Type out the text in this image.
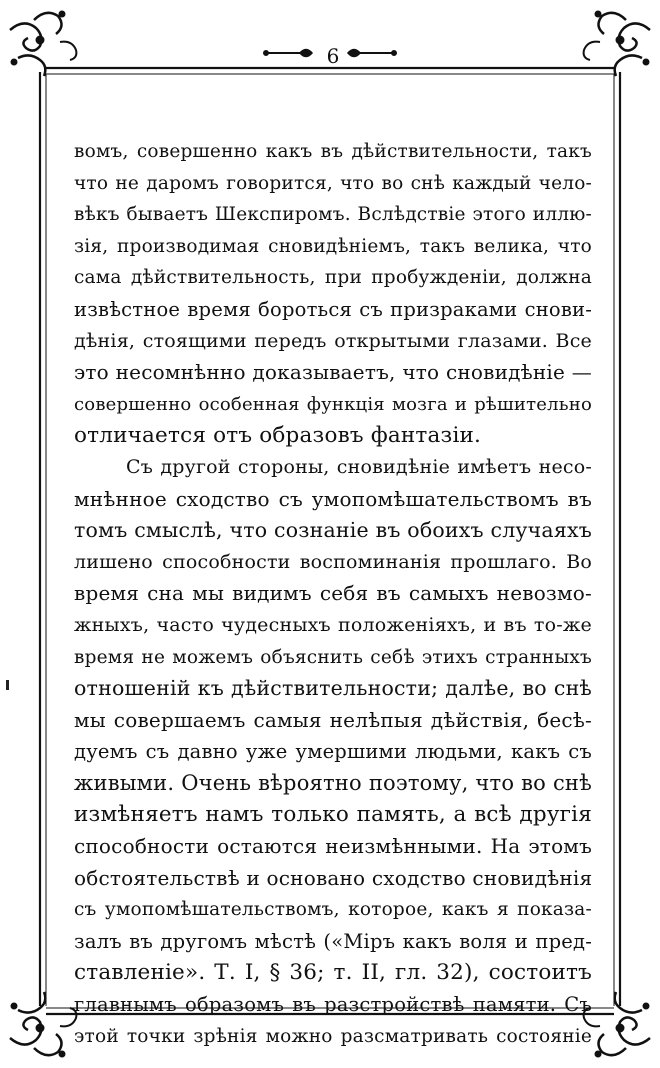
6
вомъ, совершенно какъ въ дѣйствительности, такъ
что не даромъ говорится, что во снѣ каждый чело-
вѣкъ бываетъ Шекспиромъ. Вслѣдствіе этого иллю-
зія, производимая сновидѣніемъ, такъ велика, что
сама дѣйствительность, при пробужденіи, должна
извѣстное время бороться съ призраками снови-
дѣнія, стоящими передъ открытыми глазами. Все
это несомнѣнно доказываетъ, что сновидѣніе —
совершенно особенная функція мозга и рѣшительно
отличается отъ образовъ фантазіи.
Съ другой стороны, сновидѣніе имѣетъ несо-
мнѣнное сходство съ умопомѣшательствомъ въ
томъ смыслѣ, что сознаніе въ обоихъ случаяхъ
лишено способности воспоминанія прошлаго. Во
время сна мы видимъ себя въ самыхъ невозмо-
жныхъ, часто чудесныхъ положеніяхъ, и въ то-же
время не можемъ объяснить себѣ этихъ странныхъ
отношеній къ дѣйствительности; далѣе, во снѣ
мы совершаемъ самыя нелѣпыя дѣйствія, бесѣ-
дуемъ съ давно уже умершими людьми, какъ съ
живыми. Очень вѣроятно поэтому, что во снѣ
измѣняетъ намъ только память, а всѣ другія
способности остаются неизмѣнными. На этомъ
обстоятельствѣ и основано сходство сновидѣнія
съ умопомѣшательствомъ, которое, какъ я показа-
залъ въ другомъ мѣстѣ («Міръ какъ воля и пред-
ставленіе». Т. I, § 36; т. II, гл. 32), состоитъ
главнымъ образомъ въ разстройствѣ памяти. Съ
этой точки зрѣнія можно разсматривать состояніе
